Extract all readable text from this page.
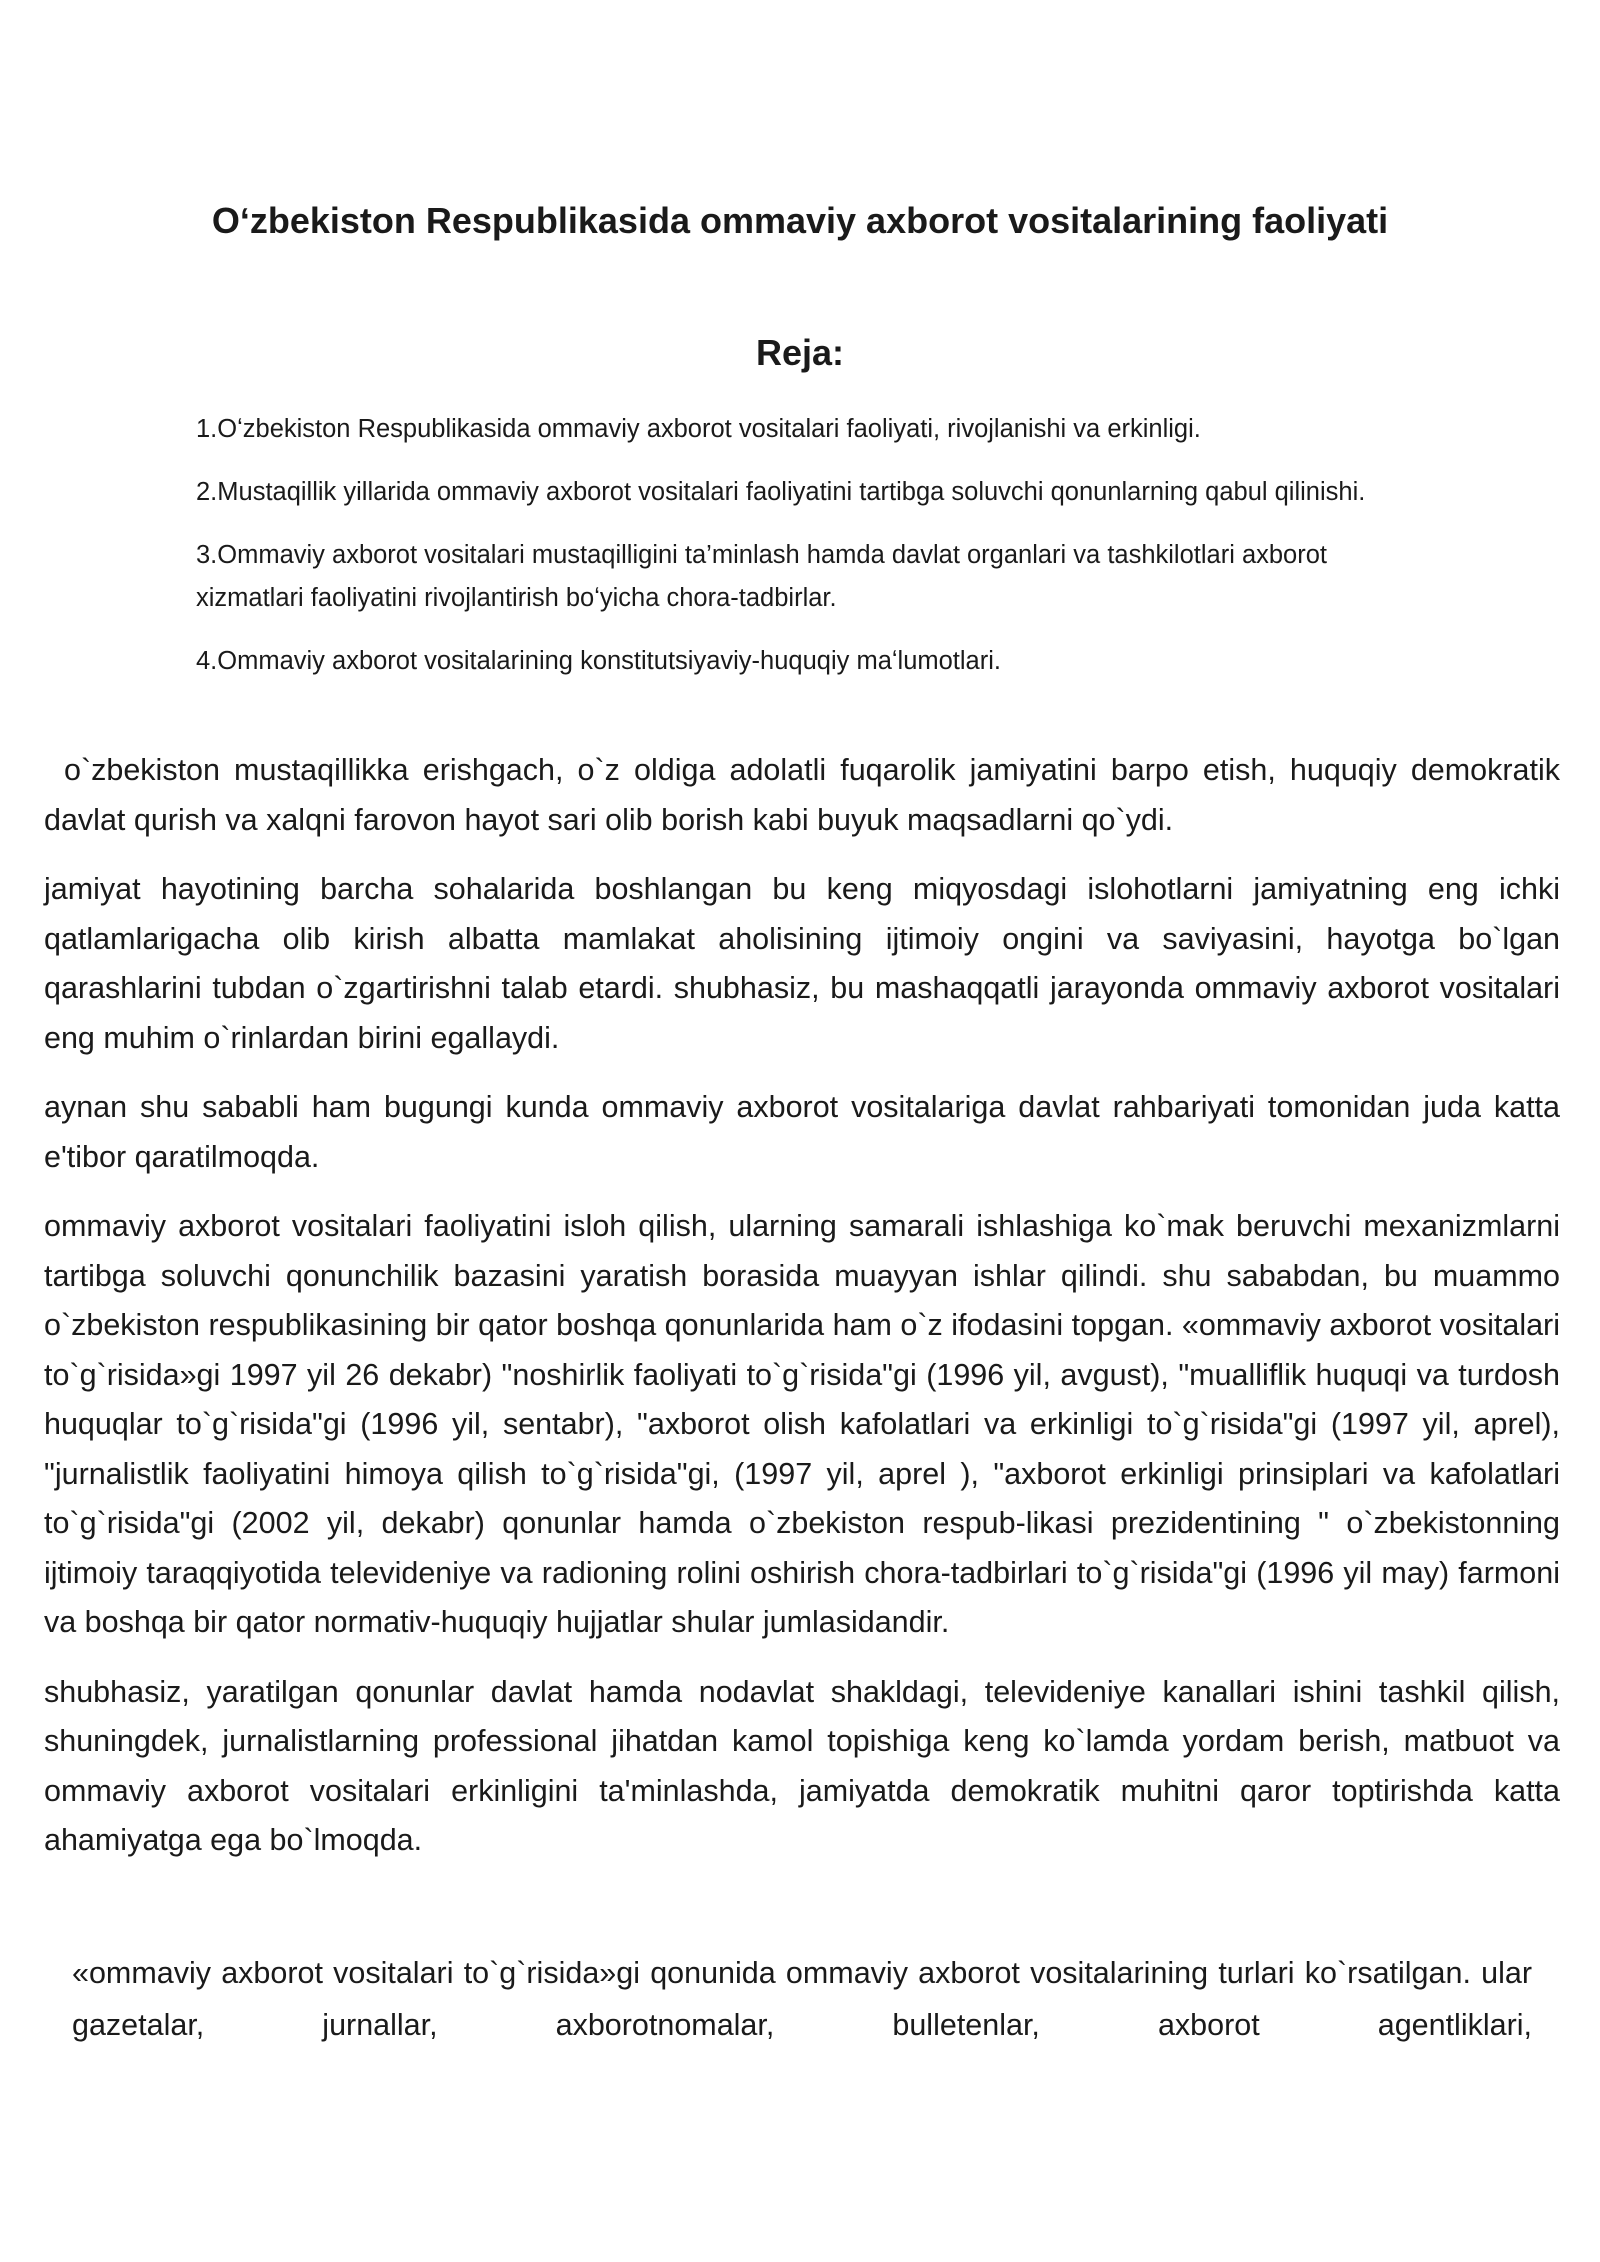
Oʻzbekiston Respublikasida ommaviy axborot vositalarining faoliyati
Reja:
1.Oʻzbekiston Respublikasida ommaviy axborot vositalari faoliyati, rivojlanishi va erkinligi.
2.Mustaqillik yillarida ommaviy axborot vositalari faoliyatini tartibga soluvchi qonunlarning qabul qilinishi.
3.Ommaviy axborot vositalari mustaqilligini ta’minlash hamda davlat organlari va tashkilotlari axborot xizmatlari faoliyatini rivojlantirish boʻyicha chora-tadbirlar.
4.Ommaviy axborot vositalarining konstitutsiyaviy-huquqiy maʻlumotlari.

o`zbekiston mustaqillikka erishgach, o`z oldiga adolatli fuqarolik jamiyatini barpo etish, huquqiy demokratik davlat qurish va xalqni farovon hayot sari olib borish kabi buyuk maqsadlarni qo`ydi.

jamiyat hayotining barcha sohalarida boshlangan bu keng miqyosdagi islohotlarni jamiyatning eng ichki qatlamlarigacha olib kirish albatta mamlakat aholisining ijtimoiy ongini va saviyasini, hayotga bo`lgan qarashlarini tubdan o`zgartirishni talab etardi. shubhasiz, bu mashaqqatli jarayonda ommaviy axborot vositalari eng muhim o`rinlardan birini egallaydi.

aynan shu sababli ham bugungi kunda ommaviy axborot vositalariga davlat rahbariyati tomonidan juda katta e'tibor qaratilmoqda.

ommaviy axborot vositalari faoliyatini isloh qilish, ularning samarali ishlashiga ko`mak beruvchi mexanizmlarni tartibga soluvchi qonunchilik bazasini yaratish borasida muayyan ishlar qilindi. shu sababdan, bu muammo o`zbekiston respublikasining bir qator boshqa qonunlarida ham o`z ifodasini topgan. «ommaviy axborot vositalari to`g`risida»gi 1997 yil 26 dekabr) "noshirlik faoliyati to`g`risida"gi (1996 yil, avgust), "mualliflik huquqi va turdosh huquqlar to`g`risida"gi (1996 yil, sentabr), "axborot olish kafolatlari va erkinligi to`g`risida"gi (1997 yil, aprel), "jurnalistlik faoliyatini himoya qilish to`g`risida"gi, (1997 yil, aprel ), "axborot erkinligi prinsiplari va kafolatlari to`g`risida"gi (2002 yil, dekabr) qonunlar hamda o`zbekiston respub-likasi prezidentining " o`zbekistonning ijtimoiy taraqqiyotida televideniye va radioning rolini oshirish chora-tadbirlari to`g`risida"gi (1996 yil may) farmoni va boshqa bir qator normativ-huquqiy hujjatlar shular jumlasidandir.

shubhasiz, yaratilgan qonunlar davlat hamda nodavlat shakldagi, televideniye kanallari ishini tashkil qilish, shuningdek, jurnalistlarning professional jihatdan kamol topishiga keng ko`lamda yordam berish, matbuot va ommaviy axborot vositalari erkinligini ta'minlashda, jamiyatda demokratik muhitni qaror toptirishda katta ahamiyatga ega bo`lmoqda.

«ommaviy axborot vositalari to`g`risida»gi qonunida ommaviy axborot vositalarining turlari ko`rsatilgan. ular gazetalar, jurnallar, axborotnomalar, bulletenlar, axborot agentliklari,
